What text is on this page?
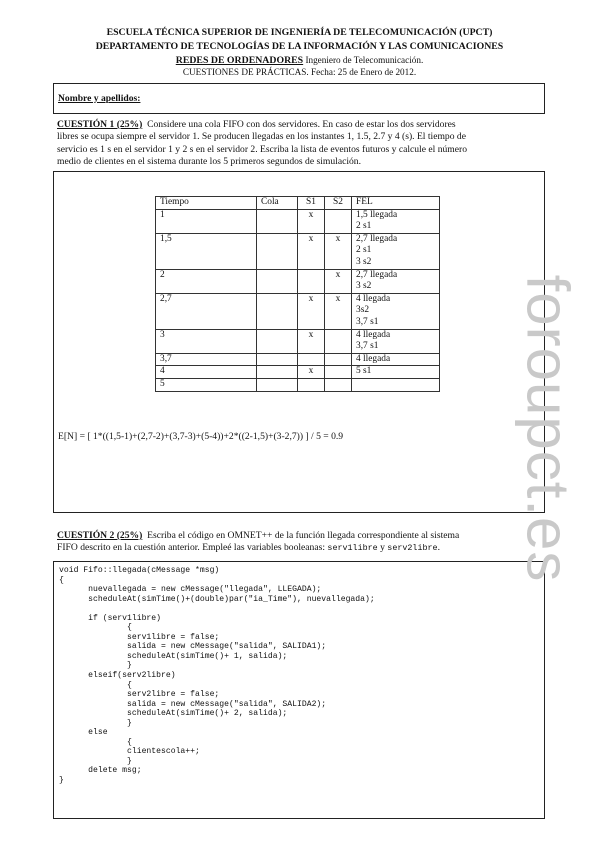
ESCUELA TÉCNICA SUPERIOR DE INGENIERÍA DE TELECOMUNICACIÓN (UPCT)
DEPARTAMENTO DE TECNOLOGÍAS DE LA INFORMACIÓN Y LAS COMUNICACIONES
REDES DE ORDENADORES Ingeniero de Telecomunicación.
CUESTIONES DE PRÁCTICAS. Fecha: 25 de Enero de 2012.
Nombre y apellidos:
CUESTIÓN 1 (25%) Considere una cola FIFO con dos servidores. En caso de estar los dos servidores
libres se ocupa siempre el servidor 1. Se producen llegadas en los instantes 1, 1.5, 2.7 y 4 (s). El tiempo de
servicio es 1 s en el servidor 1 y 2 s en el servidor 2. Escriba la lista de eventos futuros y calcule el número
medio de clientes en el sistema durante los 5 primeros segundos de simulación.
Tiempo	Cola	S1	S2	FEL
1		x		1,5 llegada
2 s1

1,5		x	x	2,7 llegada
2 s1
3 s2

2			x	2,7 llegada
3 s2

2,7		x	x	4 llegada
3s2
3,7 s1

3		x		4 llegada
3,7 s1

3,7				4 llegada

4		x		5 s1

5				
E[N] = [ 1*((1,5-1)+(2,7-2)+(3,7-3)+(5-4))+2*((2-1,5)+(3-2,7)) ] / 5 = 0.9
CUESTIÓN 2 (25%) Escriba el código en OMNET++ de la función llegada correspondiente al sistema
FIFO descrito en la cuestión anterior. Empleé las variables booleanas: serv1libre y serv2libre.
void Fifo::llegada(cMessage *msg)
{
nuevallegada = new cMessage("llegada", LLEGADA);
scheduleAt(simTime()+(double)par("ia_Time"), nuevallegada);

if (serv1libre)
{
serv1libre = false;
salida = new cMessage("salida", SALIDA1);
scheduleAt(simTime()+ 1, salida);
}
elseif(serv2libre)
{
serv2libre = false;
salida = new cMessage("salida", SALIDA2);
scheduleAt(simTime()+ 2, salida);
}
else
{
clientescola++;
}
delete msg;
}
foroupct.es
